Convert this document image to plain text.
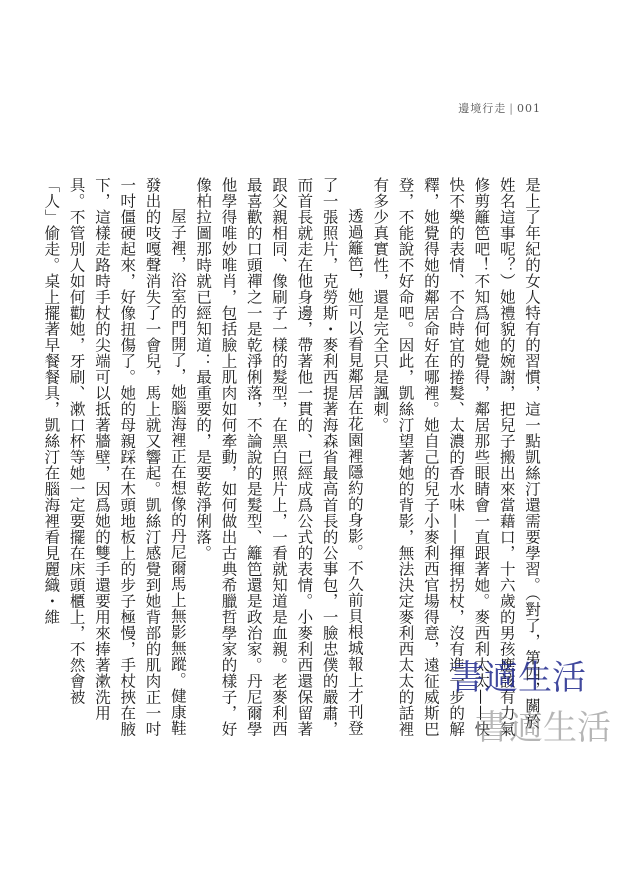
邊境行走 | 001

是上了年紀的女人特有的習慣，這一點凱絲汀還需要學習。（對了，第四，關於姓名這事呢？）她禮貌的婉謝，把兒子搬出來當藉口，十六歲的男孩應該有力氣修剪籬笆吧！不知爲何她覺得，鄰居那些眼睛會一直跟著她。麥西利太太——快快不樂的表情、不合時宜的捲髮、太濃的香水味——揮揮拐杖，沒有進一步的解釋，她覺得她的鄰居命好在哪裡。她自己的兒子小麥利西官場得意，遠征威斯巴登，不能說不好命吧。因此，凱絲汀望著她的背影，無法決定麥利西太太的話裡有多少真實性，還是完全只是諷刺。

透過籬笆，她可以看見鄰居在花園裡隱約的身影。不久前貝根城報上才刊登了一張照片，克勞斯・麥利西提著海森省最高首長的公事包，一臉忠僕的嚴肅，而首長就走在他身邊，帶著他一貫的、已經成爲公式的表情。小麥利西還保留著跟父親相同、像刷子一樣的髮型，在黑白照片上，一看就知道是血親。老麥利西最喜歡的口頭禪之一是乾淨俐落，不論說的是髮型、籬笆還是政治家。丹尼爾學他學得唯妙唯肖，包括臉上肌肉如何牽動，如何做出古典希臘哲學家的樣子，好像柏拉圖那時就已經知道：最重要的，是要乾淨俐落。

屋子裡，浴室的門開了，她腦海裡正在想像的丹尼爾馬上無影無蹤。健康鞋發出的吱嘎聲消失了一會兒，馬上就又響起。凱絲汀感覺到她背部的肌肉正一吋一吋僵硬起來，好像扭傷了。她的母親踩在木頭地板上的步子極慢，手杖挾在腋下，這樣走路時手杖的尖端可以抵著牆壁，因爲她的雙手還要用來捧著漱洗用具。不管別人如何勸她，牙刷、漱口杯等她一定要擺在床頭櫃上，不然會被「人」偷走。桌上擺著早餐餐具，凱絲汀在腦海裡看見麗織・維

書適生活
書適生活
